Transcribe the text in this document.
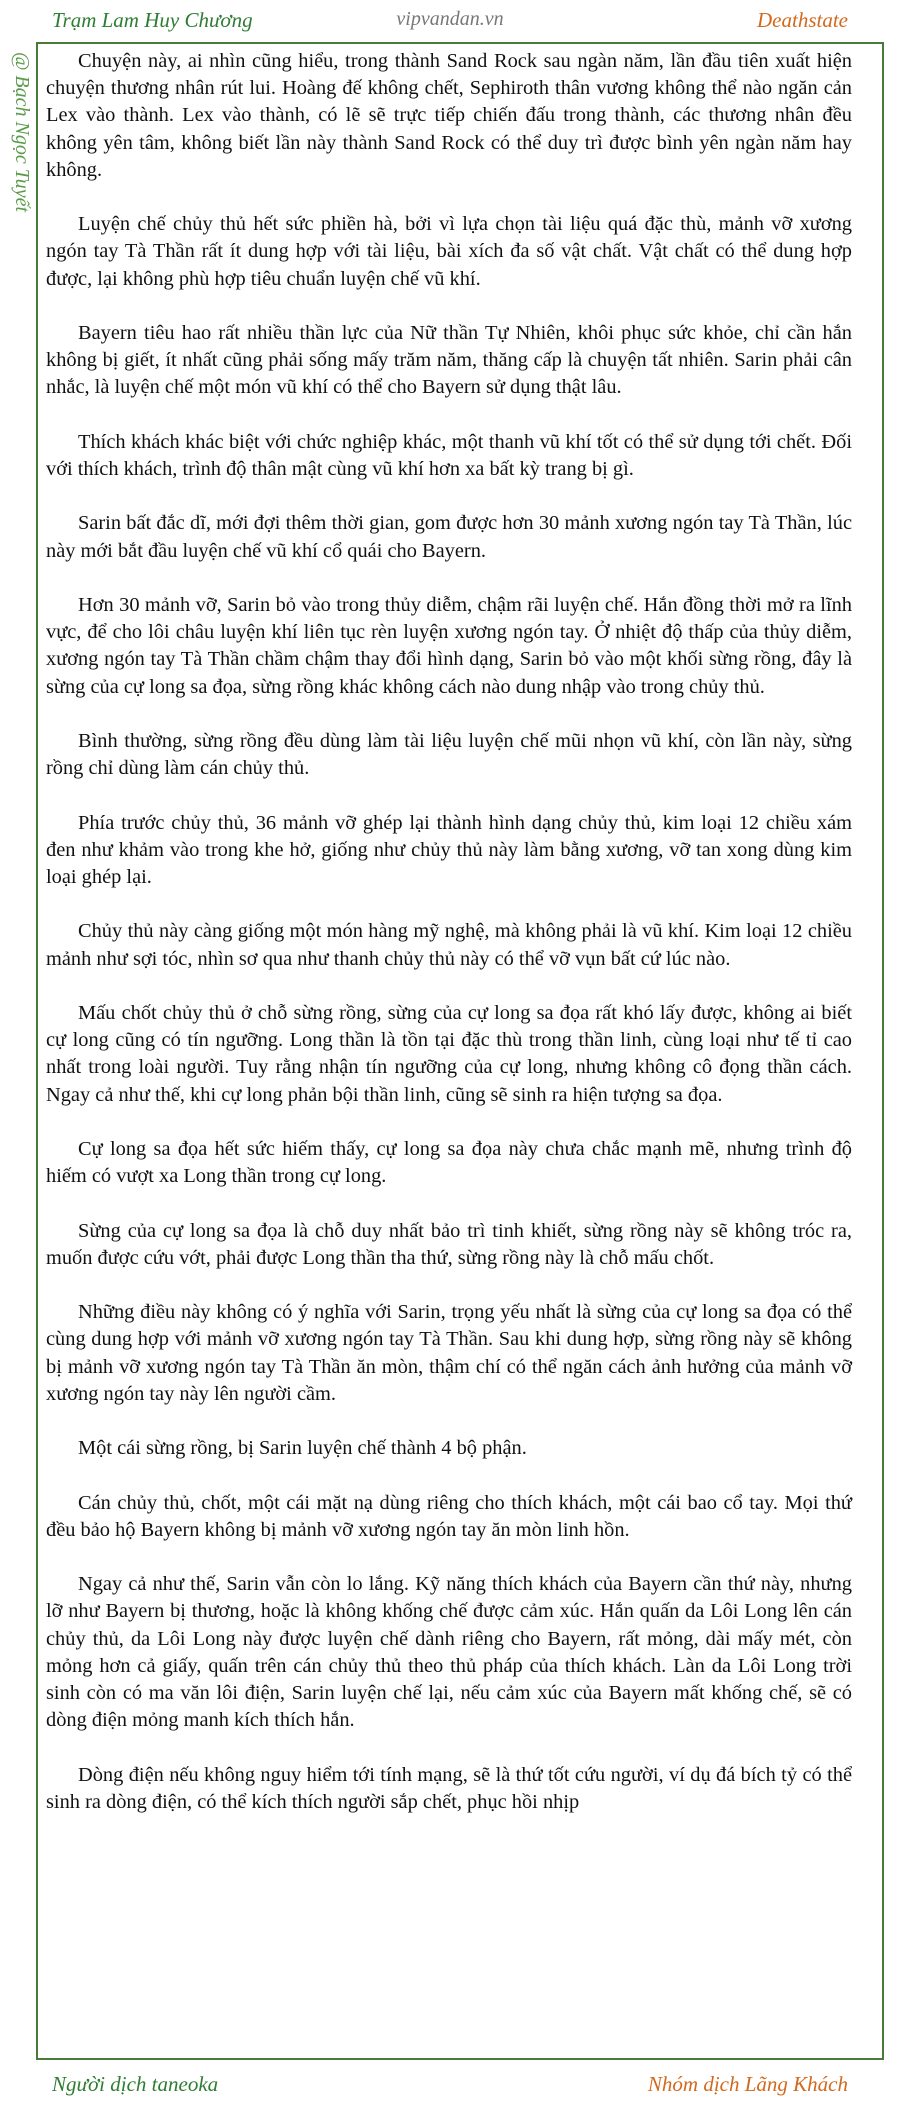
Trạm Lam Huy Chương	vipvandan.vn	Deathstate
@ Bạch Ngọc Tuyết	Chuyện này, ai nhìn cũng hiểu, trong thành Sand Rock sau ngàn năm, lần đầu tiên xuất hiện chuyện thương nhân rút lui. Hoàng đế không chết, Sephiroth thân vương không thể nào ngăn cản Lex vào thành. Lex vào thành, có lẽ sẽ trực tiếp chiến đấu trong thành, các thương nhân đều không yên tâm, không biết lần này thành Sand Rock có thể duy trì được bình yên ngàn năm hay không.

Luyện chế chủy thủ hết sức phiền hà, bởi vì lựa chọn tài liệu quá đặc thù, mảnh vỡ xương ngón tay Tà Thần rất ít dung hợp với tài liệu, bài xích đa số vật chất. Vật chất có thể dung hợp được, lại không phù hợp tiêu chuẩn luyện chế vũ khí.

Bayern tiêu hao rất nhiều thần lực của Nữ thần Tự Nhiên, khôi phục sức khỏe, chỉ cần hắn không bị giết, ít nhất cũng phải sống mấy trăm năm, thăng cấp là chuyện tất nhiên. Sarin phải cân nhắc, là luyện chế một món vũ khí có thể cho Bayern sử dụng thật lâu.

Thích khách khác biệt với chức nghiệp khác, một thanh vũ khí tốt có thể sử dụng tới chết. Đối với thích khách, trình độ thân mật cùng vũ khí hơn xa bất kỳ trang bị gì.

Sarin bất đắc dĩ, mới đợi thêm thời gian, gom được hơn 30 mảnh xương ngón tay Tà Thần, lúc này mới bắt đầu luyện chế vũ khí cổ quái cho Bayern.

Hơn 30 mảnh vỡ, Sarin bỏ vào trong thủy diễm, chậm rãi luyện chế. Hắn đồng thời mở ra lĩnh vực, để cho lôi châu luyện khí liên tục rèn luyện xương ngón tay. Ở nhiệt độ thấp của thủy diễm, xương ngón tay Tà Thần chầm chậm thay đổi hình dạng, Sarin bỏ vào một khối sừng rồng, đây là sừng của cự long sa đọa, sừng rồng khác không cách nào dung nhập vào trong chủy thủ.

Bình thường, sừng rồng đều dùng làm tài liệu luyện chế mũi nhọn vũ khí, còn lần này, sừng rồng chỉ dùng làm cán chủy thủ.

Phía trước chủy thủ, 36 mảnh vỡ ghép lại thành hình dạng chủy thủ, kim loại 12 chiều xám đen như khảm vào trong khe hở, giống như chủy thủ này làm bằng xương, vỡ tan xong dùng kim loại ghép lại.

Chủy thủ này càng giống một món hàng mỹ nghệ, mà không phải là vũ khí. Kim loại 12 chiều mảnh như sợi tóc, nhìn sơ qua như thanh chủy thủ này có thể vỡ vụn bất cứ lúc nào.

Mấu chốt chủy thủ ở chỗ sừng rồng, sừng của cự long sa đọa rất khó lấy được, không ai biết cự long cũng có tín ngưỡng. Long thần là tồn tại đặc thù trong thần linh, cùng loại như tế tỉ cao nhất trong loài người. Tuy rằng nhận tín ngưỡng của cự long, nhưng không cô đọng thần cách. Ngay cả như thế, khi cự long phản bội thần linh, cũng sẽ sinh ra hiện tượng sa đọa.

Cự long sa đọa hết sức hiếm thấy, cự long sa đọa này chưa chắc mạnh mẽ, nhưng trình độ hiếm có vượt xa Long thần trong cự long.

Sừng của cự long sa đọa là chỗ duy nhất bảo trì tinh khiết, sừng rồng này sẽ không tróc ra, muốn được cứu vớt, phải được Long thần tha thứ, sừng rồng này là chỗ mấu chốt.

Những điều này không có ý nghĩa với Sarin, trọng yếu nhất là sừng của cự long sa đọa có thể cùng dung hợp với mảnh vỡ xương ngón tay Tà Thần. Sau khi dung hợp, sừng rồng này sẽ không bị mảnh vỡ xương ngón tay Tà Thần ăn mòn, thậm chí có thể ngăn cách ảnh hưởng của mảnh vỡ xương ngón tay này lên người cầm.

Một cái sừng rồng, bị Sarin luyện chế thành 4 bộ phận.

Cán chủy thủ, chốt, một cái mặt nạ dùng riêng cho thích khách, một cái bao cổ tay. Mọi thứ đều bảo hộ Bayern không bị mảnh vỡ xương ngón tay ăn mòn linh hồn.

Ngay cả như thế, Sarin vẫn còn lo lắng. Kỹ năng thích khách của Bayern cần thứ này, nhưng lỡ như Bayern bị thương, hoặc là không khống chế được cảm xúc. Hắn quấn da Lôi Long lên cán chủy thủ, da Lôi Long này được luyện chế dành riêng cho Bayern, rất mỏng, dài mấy mét, còn mỏng hơn cả giấy, quấn trên cán chủy thủ theo thủ pháp của thích khách. Làn da Lôi Long trời sinh còn có ma văn lôi điện, Sarin luyện chế lại, nếu cảm xúc của Bayern mất khống chế, sẽ có dòng điện mỏng manh kích thích hắn.

Dòng điện nếu không nguy hiểm tới tính mạng, sẽ là thứ tốt cứu người, ví dụ đá bích tỷ có thể sinh ra dòng điện, có thể kích thích người sắp chết, phục hồi nhịp

Người dịch taneoka	Nhóm dịch Lãng Khách
